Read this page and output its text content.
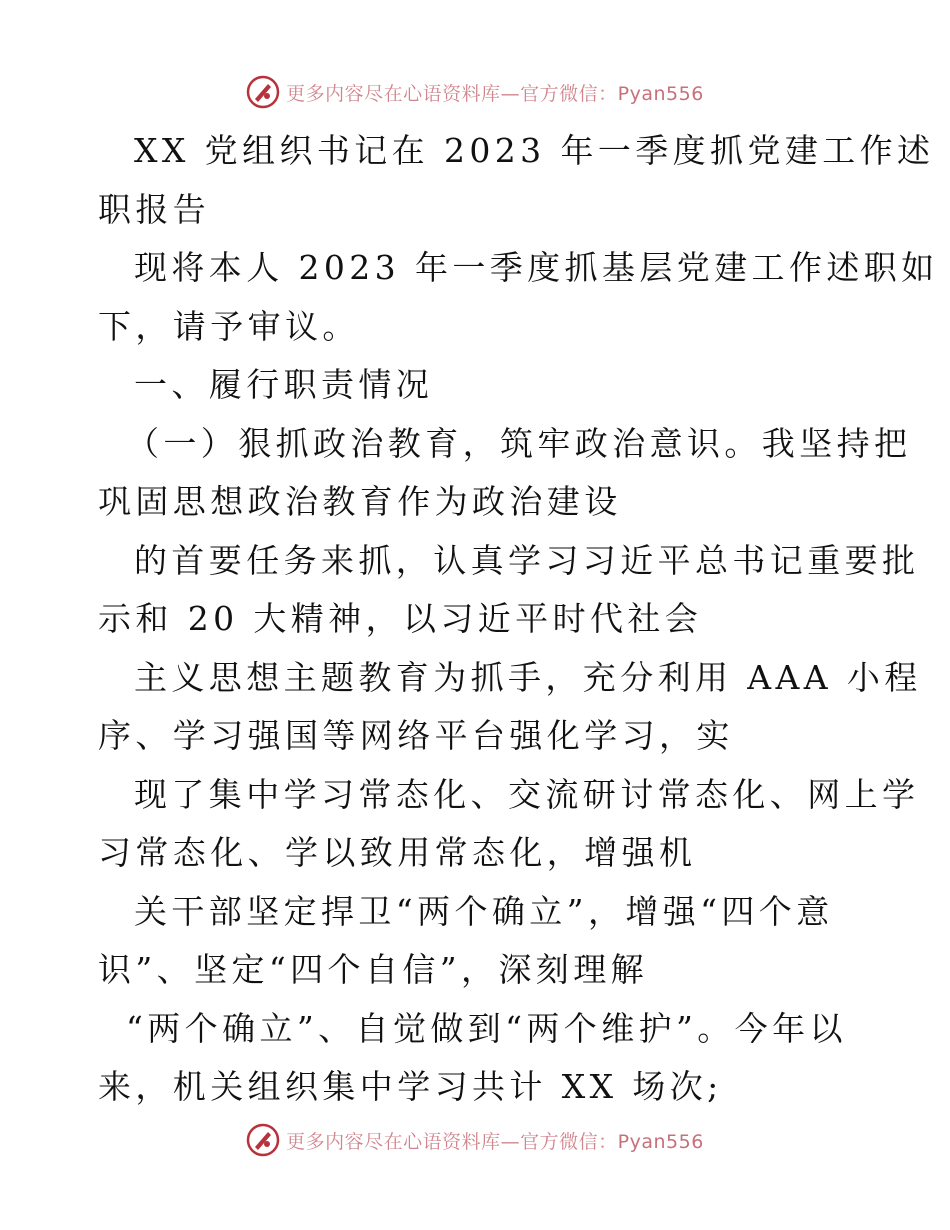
更多内容尽在心语资料库—官方微信：Pyan556
XX 党组织书记在 2023 年一季度抓党建工作述
职报告
现将本人 2023 年一季度抓基层党建工作述职如
下，请予审议。
一、履行职责情况
（一）狠抓政治教育，筑牢政治意识。我坚持把
巩固思想政治教育作为政治建设
的首要任务来抓，认真学习习近平总书记重要批
示和 20 大精神，以习近平时代社会
主义思想主题教育为抓手，充分利用 AAA 小程
序、学习强国等网络平台强化学习，实
现了集中学习常态化、交流研讨常态化、网上学
习常态化、学以致用常态化，增强机
关干部坚定捍卫“两个确立”，增强“四个意
识”、坚定“四个自信”，深刻理解
“两个确立”、自觉做到“两个维护”。今年以
来，机关组织集中学习共计 XX 场次;
更多内容尽在心语资料库—官方微信：Pyan556
